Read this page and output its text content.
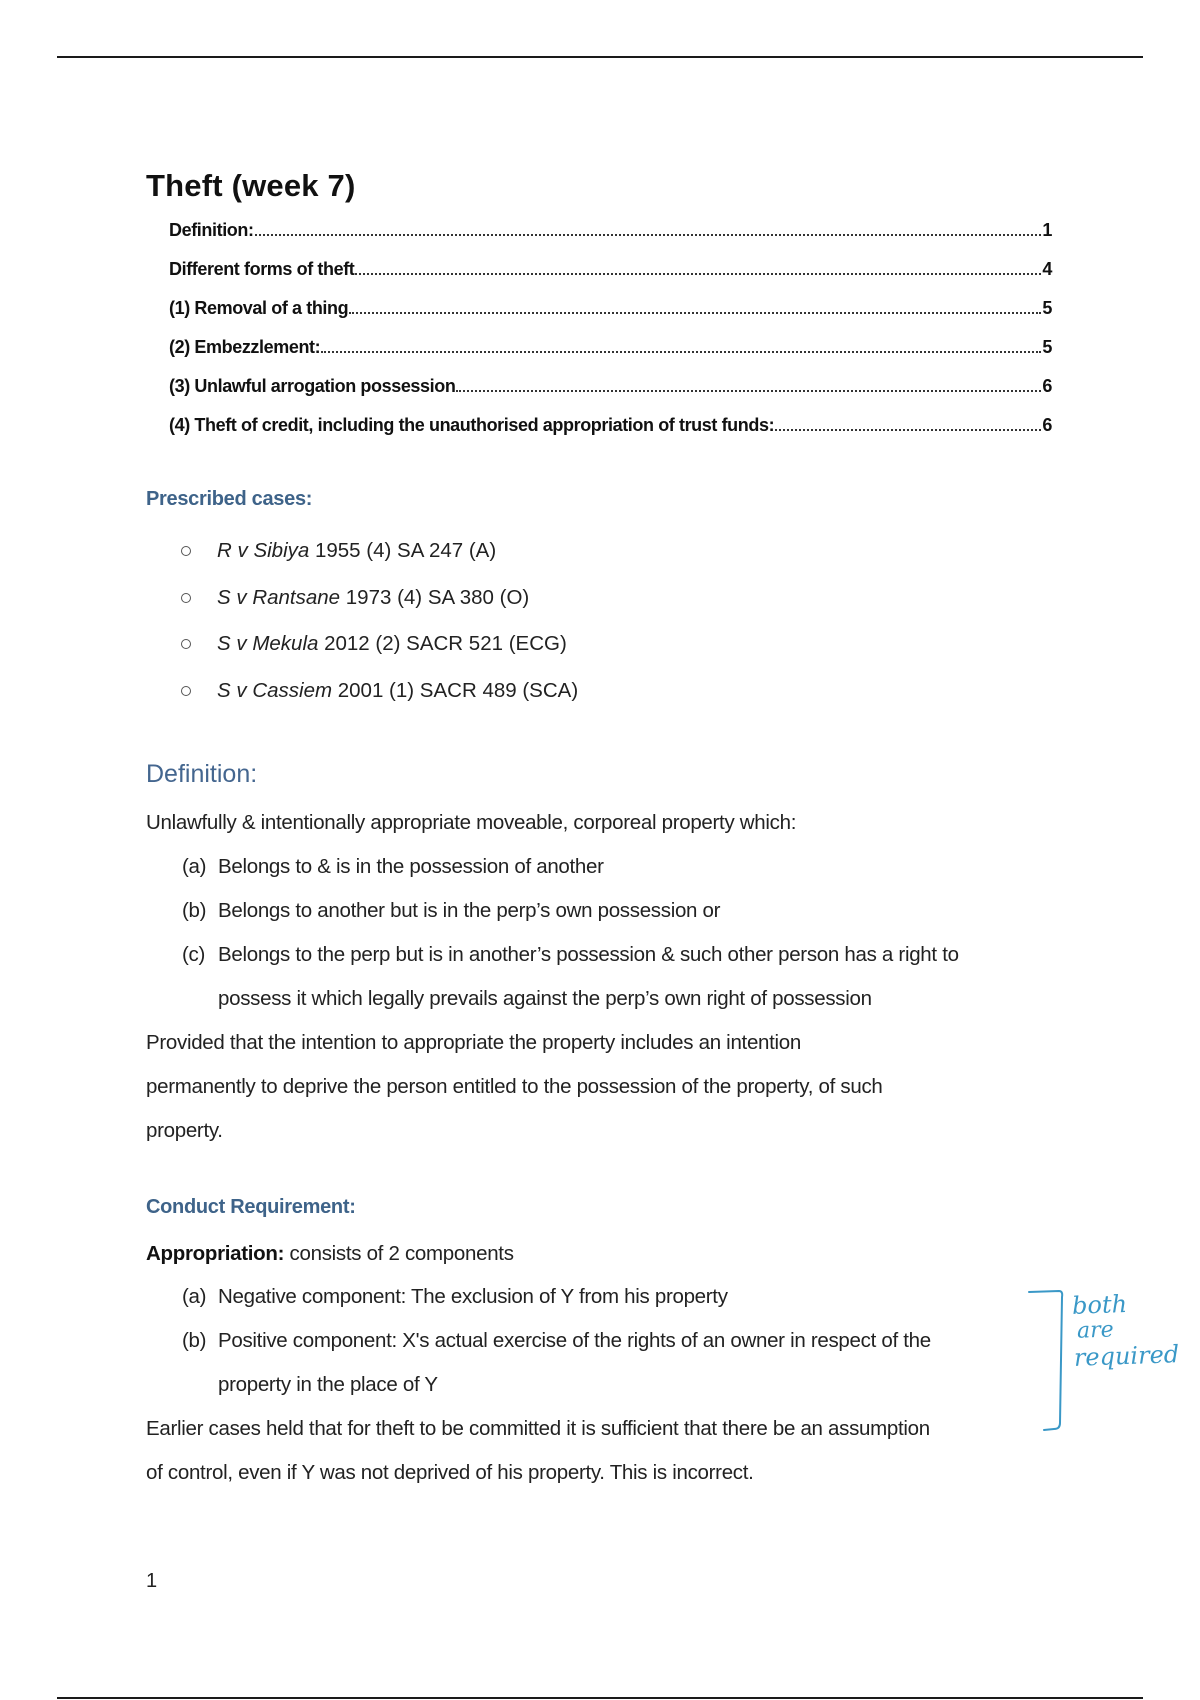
Theft (week 7)
Definition:	1
Different forms of theft	4
(1) Removal of a thing	5
(2) Embezzlement:	5
(3) Unlawful arrogation possession	6
(4) Theft of credit, including the unauthorised appropriation of trust funds:	6
Prescribed cases:
R v Sibiya 1955 (4) SA 247 (A)
S v Rantsane 1973 (4) SA 380 (O)
S v Mekula 2012 (2) SACR 521 (ECG)
S v Cassiem 2001 (1) SACR 489 (SCA)
Definition:
Unlawfully & intentionally appropriate moveable, corporeal property which:
(a) Belongs to & is in the possession of another
(b) Belongs to another but is in the perp’s own possession or
(c) Belongs to the perp but is in another’s possession & such other person has a right to
possess it which legally prevails against the perp’s own right of possession
Provided that the intention to appropriate the property includes an intention
permanently to deprive the person entitled to the possession of the property, of such
property.
Conduct Requirement:
Appropriation: consists of 2 components
(a) Negative component: The exclusion of Y from his property
(b) Positive component: X's actual exercise of the rights of an owner in respect of the
property in the place of Y
Earlier cases held that for theft to be committed it is sufficient that there be an assumption
of control, even if Y was not deprived of his property. This is incorrect.
both
are
required
1
